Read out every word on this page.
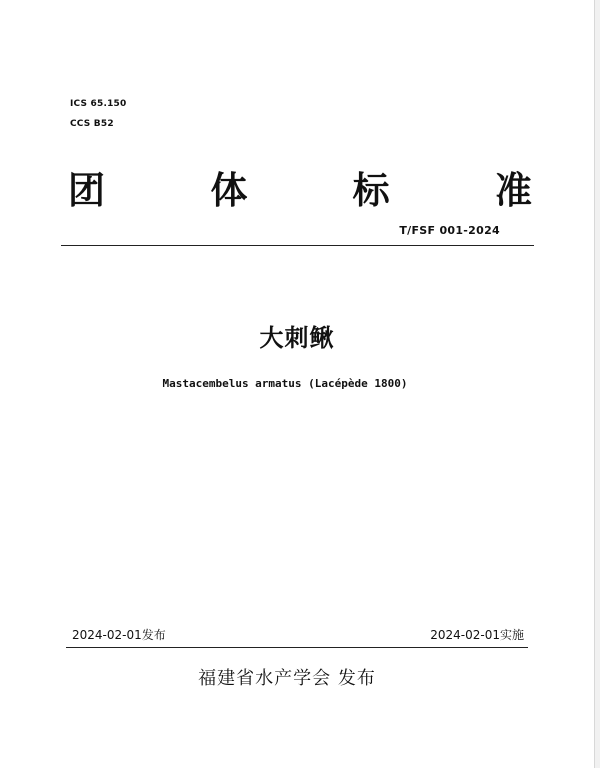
ICS 65.150
CCS B52
团	体	标	准
T/FSF 001-2024
大刺鳅
Mastacembelus armatus (Lacépède 1800)
2024-02-01发布	2024-02-01实施
福建省水产学会 发布
